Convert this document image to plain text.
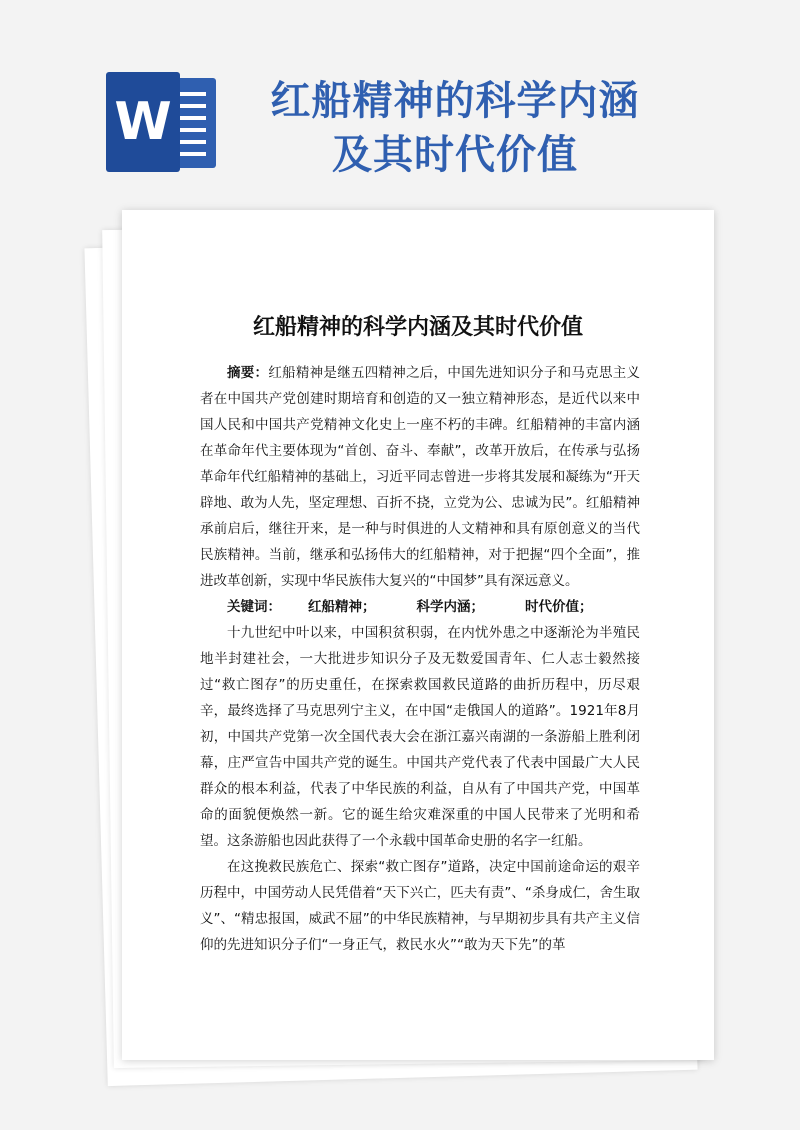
W	红船精神的科学内涵
及其时代价值
红船精神的科学内涵及其时代价值

摘要：红船精神是继五四精神之后，中国先进知识分子和马克思主义者在中国共产党创建时期培育和创造的又一独立精神形态，是近代以来中国人民和中国共产党精神文化史上一座不朽的丰碑。红船精神的丰富内涵在革命年代主要体现为“首创、奋斗、奉献”，改革开放后，在传承与弘扬革命年代红船精神的基础上，习近平同志曾进一步将其发展和凝练为“开天辟地、敢为人先，坚定理想、百折不挠，立党为公、忠诚为民”。红船精神承前启后，继往开来，是一种与时俱进的人文精神和具有原创意义的当代民族精神。当前，继承和弘扬伟大的红船精神，对于把握“四个全面”，推进改革创新，实现中华民族伟大复兴的“中国梦”具有深远意义。

关键词： 红船精神；	科学内涵；	时代价值；

十九世纪中叶以来，中国积贫积弱，在内忧外患之中逐渐沦为半殖民地半封建社会，一大批进步知识分子及无数爱国青年、仁人志士毅然接过“救亡图存”的历史重任，在探索救国救民道路的曲折历程中，历尽艰辛，最终选择了马克思列宁主义，在中国“走俄国人的道路”。1921年8月初，中国共产党第一次全国代表大会在浙江嘉兴南湖的一条游船上胜利闭幕，庄严宣告中国共产党的诞生。中国共产党代表了代表中国最广大人民群众的根本利益，代表了中华民族的利益，自从有了中国共产党，中国革命的面貌便焕然一新。它的诞生给灾难深重的中国人民带来了光明和希望。这条游船也因此获得了一个永载中国革命史册的名字一红船。

在这挽救民族危亡、探索“救亡图存”道路，决定中国前途命运的艰辛历程中，中国劳动人民凭借着“天下兴亡，匹夫有责”、“杀身成仁，舍生取义”、“精忠报国，威武不屈”的中华民族精神，与早期初步具有共产主义信仰的先进知识分子们“一身正气，救民水火”“敢为天下先”的革
